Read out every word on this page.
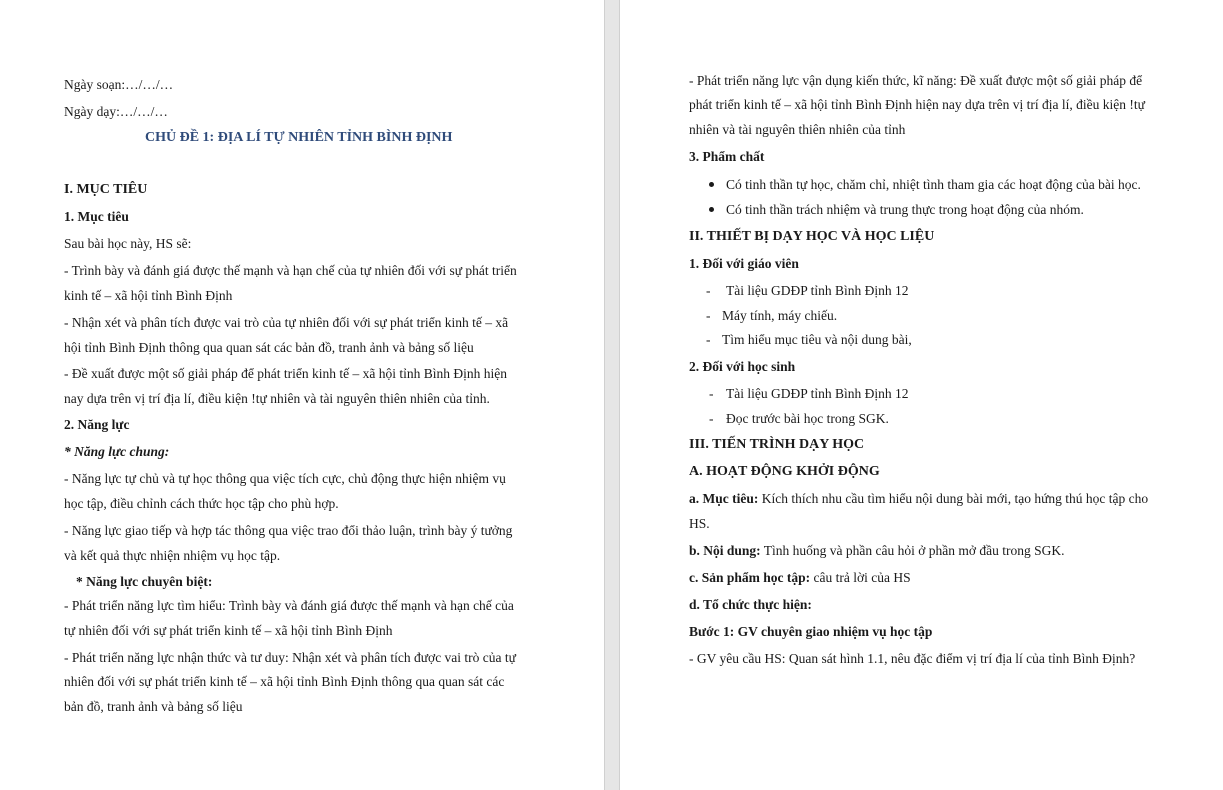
Ngày soạn:…/…/…
Ngày dạy:…/…/…
CHỦ ĐỀ 1: ĐỊA LÍ TỰ NHIÊN TỈNH BÌNH ĐỊNH
I. MỤC TIÊU
1. Mục tiêu
Sau bài học này, HS sẽ:
- Trình bày và đánh giá được thế mạnh và hạn chế của tự nhiên đối với sự phát triển
kinh tế – xã hội tỉnh Bình Định
- Nhận xét và phân tích được vai trò của tự nhiên đối với sự phát triển kinh tế – xã
hội tỉnh Bình Định thông qua quan sát các bản đồ, tranh ảnh và bảng số liệu
- Đề xuất được một số giải pháp để phát triển kinh tế – xã hội tỉnh Bình Định hiện
nay dựa trên vị trí địa lí, điều kiện !tự nhiên và tài nguyên thiên nhiên của tỉnh.
2. Năng lực
* Năng lực chung:
- Năng lực tự chủ và tự học thông qua việc tích cực, chủ động thực hiện nhiệm vụ
học tập, điều chỉnh cách thức học tập cho phù hợp.
- Năng lực giao tiếp và hợp tác thông qua việc trao đổi thảo luận, trình bày ý tưởng
và kết quả thực nhiện nhiệm vụ học tập.
* Năng lực chuyên biệt:
- Phát triển năng lực tìm hiểu: Trình bày và đánh giá được thế mạnh và hạn chế của
tự nhiên đối với sự phát triển kinh tế – xã hội tỉnh Bình Định
- Phát triển năng lực nhận thức và tư duy: Nhận xét và phân tích được vai trò của tự
nhiên đối với sự phát triển kinh tế – xã hội tỉnh Bình Định thông qua quan sát các
bản đồ, tranh ảnh và bảng số liệu
- Phát triển năng lực vận dụng kiến thức, kĩ năng: Đề xuất được một số giải pháp để
phát triển kinh tế – xã hội tỉnh Bình Định hiện nay dựa trên vị trí địa lí, điều kiện !tự
nhiên và tài nguyên thiên nhiên của tỉnh
3. Phẩm chất
Có tinh thần tự học, chăm chỉ, nhiệt tình tham gia các hoạt động của bài học.
Có tinh thần trách nhiệm và trung thực trong hoạt động của nhóm.
II. THIẾT BỊ DẠY HỌC VÀ HỌC LIỆU
1. Đối với giáo viên
- Tài liệu GDĐP tỉnh Bình Định 12
- Máy tính, máy chiếu.
- Tìm hiểu mục tiêu và nội dung bài,
2. Đối với học sinh
- Tài liệu GDĐP tỉnh Bình Định 12
- Đọc trước bài học trong SGK.
III. TIẾN TRÌNH DẠY HỌC
A. HOẠT ĐỘNG KHỞI ĐỘNG
a. Mục tiêu: Kích thích nhu cầu tìm hiểu nội dung bài mới, tạo hứng thú học tập cho
HS.
b. Nội dung: Tình huống và phần câu hỏi ở phần mở đầu trong SGK.
c. Sản phẩm học tập: câu trả lời của HS
d. Tổ chức thực hiện:
Bước 1: GV chuyên giao nhiệm vụ học tập
- GV yêu cầu HS: Quan sát hình 1.1, nêu đặc điểm vị trí địa lí của tỉnh Bình Định?
